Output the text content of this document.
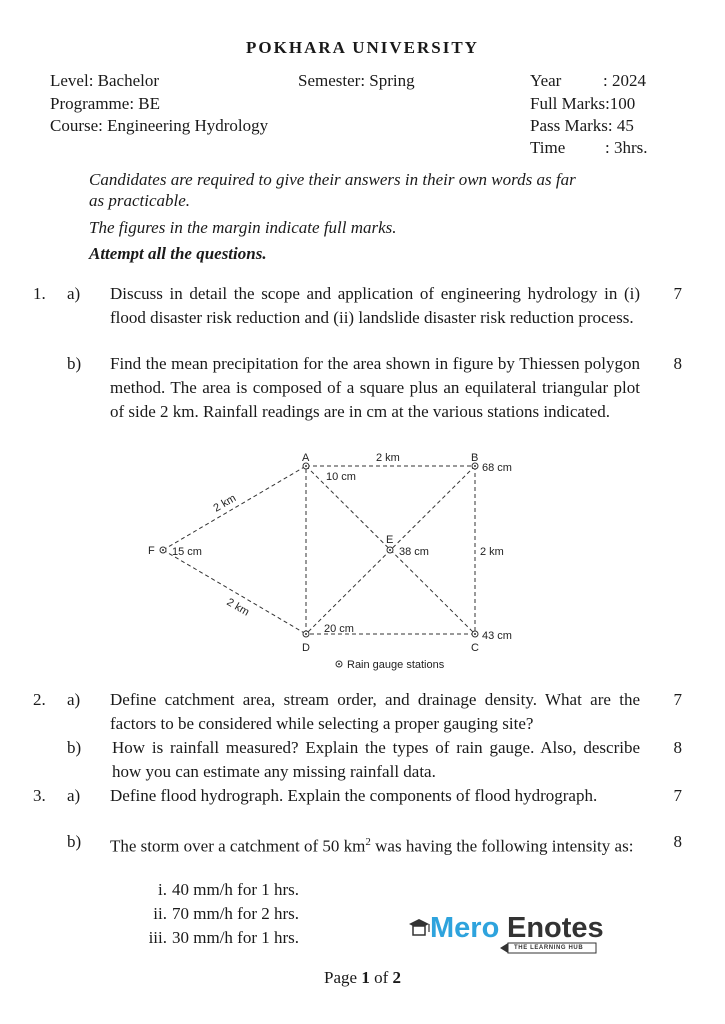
POKHARA UNIVERSITY
Level: Bachelor	Semester: Spring	Year : 2024
Programme: BE	Full Marks:100
Course: Engineering Hydrology	Pass Marks: 45
Time : 3hrs.
Candidates are required to give their answers in their own words as far
as practicable.
The figures in the margin indicate full marks.
Attempt all the questions.
1. a) Discuss in detail the scope and application of engineering hydrology in (i) flood disaster risk reduction and (ii) landslide disaster risk reduction process.
7
b) Find the mean precipitation for the area shown in figure by Thiessen polygon method. The area is composed of a square plus an equilateral triangular plot of side 2 km. Rainfall readings are in cm at the various stations indicated.
8
A	B
C
D
E
F
10 cm
68 cm
43 cm
20 cm
38 cm
15 cm
2 km
2 km
2 km
2 km
Rain gauge stations
2. a) Define catchment area, stream order, and drainage density. What are the factors to be considered while selecting a proper gauging site?
7
b) How is rainfall measured? Explain the types of rain gauge. Also, describe how you can estimate any missing rainfall data.
8
3. a) Define flood hydrograph. Explain the components of flood hydrograph.	7
b) The storm over a catchment of 50 $km^2$ was having the following intensity as:	8
i. 40 mm/h for 1 hrs.
ii. 70 mm/h for 2 hrs.
iii. 30 mm/h for 1 hrs.	Mero Enotes
THE LEARNING HUB
Page 1 of 2
